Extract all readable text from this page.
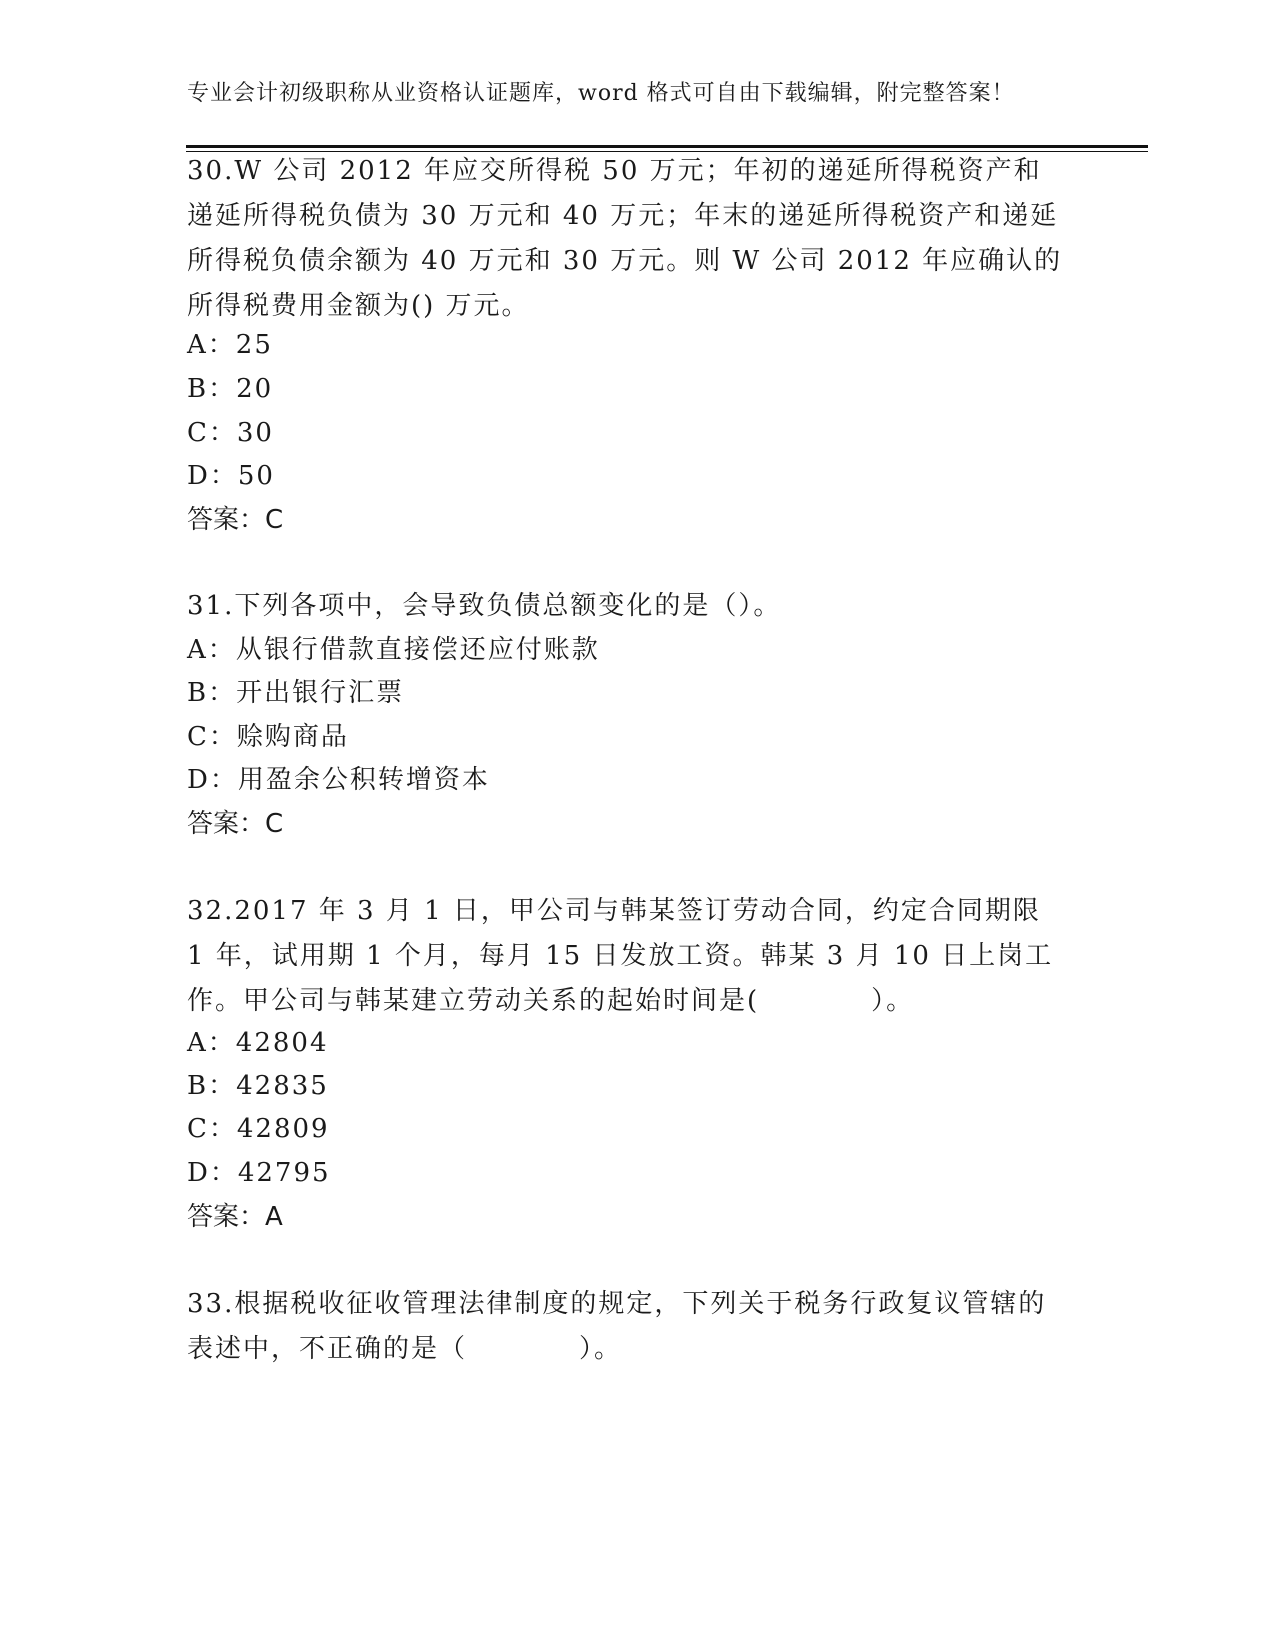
专业会计初级职称从业资格认证题库，word 格式可自由下载编辑，附完整答案！
30.W 公司 2012 年应交所得税 50 万元；年初的递延所得税资产和递延所得税负债为 30 万元和 40 万元；年末的递延所得税资产和递延所得税负债余额为 40 万元和 30 万元。则 W 公司 2012 年应确认的所得税费用金额为() 万元。
A：25
B：20
C：30
D：50
答案：C
31.下列各项中，会导致负债总额变化的是（）。
A：从银行借款直接偿还应付账款
B：开出银行汇票
C：赊购商品
D：用盈余公积转增资本
答案：C
32.2017 年 3 月 1 日，甲公司与韩某签订劳动合同，约定合同期限 1 年，试用期 1 个月，每月 15 日发放工资。韩某 3 月 10 日上岗工作。甲公司与韩某建立劳动关系的起始时间是(　　　　）。
A：42804
B：42835
C：42809
D：42795
答案：A
33.根据税收征收管理法律制度的规定，下列关于税务行政复议管辖的表述中，不正确的是（　　　　）。
